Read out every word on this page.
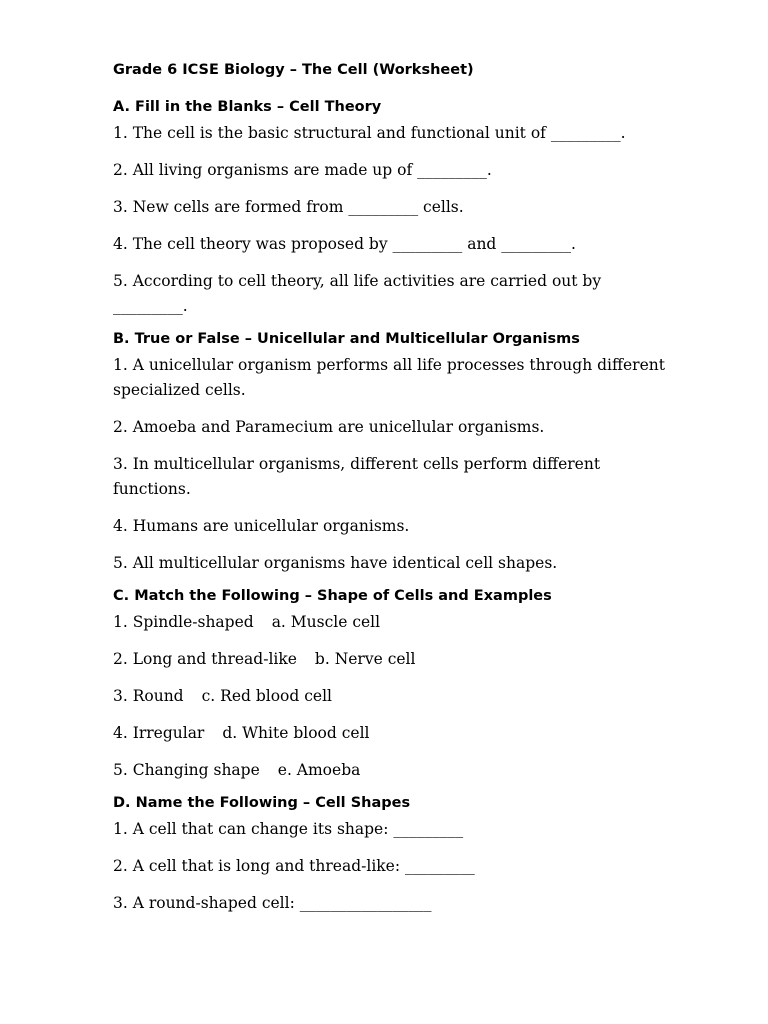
Grade 6 ICSE Biology – The Cell (Worksheet)
A. Fill in the Blanks – Cell Theory
1. The cell is the basic structural and functional unit of _________.
2. All living organisms are made up of _________.
3. New cells are formed from _________ cells.
4. The cell theory was proposed by _________ and _________.
5. According to cell theory, all life activities are carried out by _________.
B. True or False – Unicellular and Multicellular Organisms
1. A unicellular organism performs all life processes through different specialized cells.
2. Amoeba and Paramecium are unicellular organisms.
3. In multicellular organisms, different cells perform different functions.
4. Humans are unicellular organisms.
5. All multicellular organisms have identical cell shapes.
C. Match the Following – Shape of Cells and Examples
1. Spindle-shaped a. Muscle cell
2. Long and thread-like b. Nerve cell
3. Round c. Red blood cell
4. Irregular d. White blood cell
5. Changing shape e. Amoeba
D. Name the Following – Cell Shapes
1. A cell that can change its shape: _________
2. A cell that is long and thread-like: _________
3. A round-shaped cell: _________________
